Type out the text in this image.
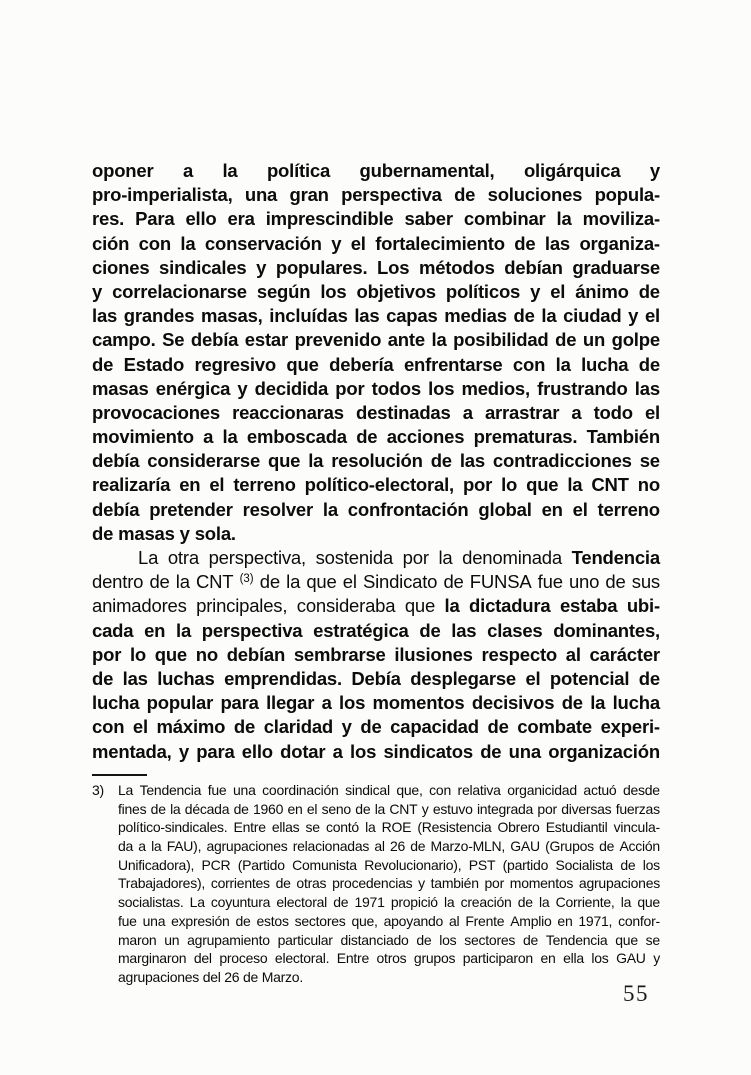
oponer a la política gubernamental, oligárquica y
pro-imperialista, una gran perspectiva de soluciones popula-
res. Para ello era imprescindible saber combinar la moviliza-
ción con la conservación y el fortalecimiento de las organiza-
ciones sindicales y populares. Los métodos debían graduarse
y correlacionarse según los objetivos políticos y el ánimo de
las grandes masas, incluídas las capas medias de la ciudad y el
campo. Se debía estar prevenido ante la posibilidad de un golpe
de Estado regresivo que debería enfrentarse con la lucha de
masas enérgica y decidida por todos los medios, frustrando las
provocaciones reaccionaras destinadas a arrastrar a todo el
movimiento a la emboscada de acciones prematuras. También
debía considerarse que la resolución de las contradicciones se
realizaría en el terreno político-electoral, por lo que la CNT no
debía pretender resolver la confrontación global en el terreno
de masas y sola.
La otra perspectiva, sostenida por la denominada Tendencia
dentro de la CNT (3) de la que el Sindicato de FUNSA fue uno de sus
animadores principales, consideraba que la dictadura estaba ubi-
cada en la perspectiva estratégica de las clases dominantes,
por lo que no debían sembrarse ilusiones respecto al carácter
de las luchas emprendidas. Debía desplegarse el potencial de
lucha popular para llegar a los momentos decisivos de la lucha
con el máximo de claridad y de capacidad de combate experi-
mentada, y para ello dotar a los sindicatos de una organización
3) La Tendencia fue una coordinación sindical que, con relativa organicidad actuó desde
fines de la década de 1960 en el seno de la CNT y estuvo integrada por diversas fuerzas
político-sindicales. Entre ellas se contó la ROE (Resistencia Obrero Estudiantil vincula-
da a la FAU), agrupaciones relacionadas al 26 de Marzo-MLN, GAU (Grupos de Acción
Unificadora), PCR (Partido Comunista Revolucionario), PST (partido Socialista de los
Trabajadores), corrientes de otras procedencias y también por momentos agrupaciones
socialistas. La coyuntura electoral de 1971 propició la creación de la Corriente, la que
fue una expresión de estos sectores que, apoyando al Frente Amplio en 1971, confor-
maron un agrupamiento particular distanciado de los sectores de Tendencia que se
marginaron del proceso electoral. Entre otros grupos participaron en ella los GAU y
agrupaciones del 26 de Marzo.
55
